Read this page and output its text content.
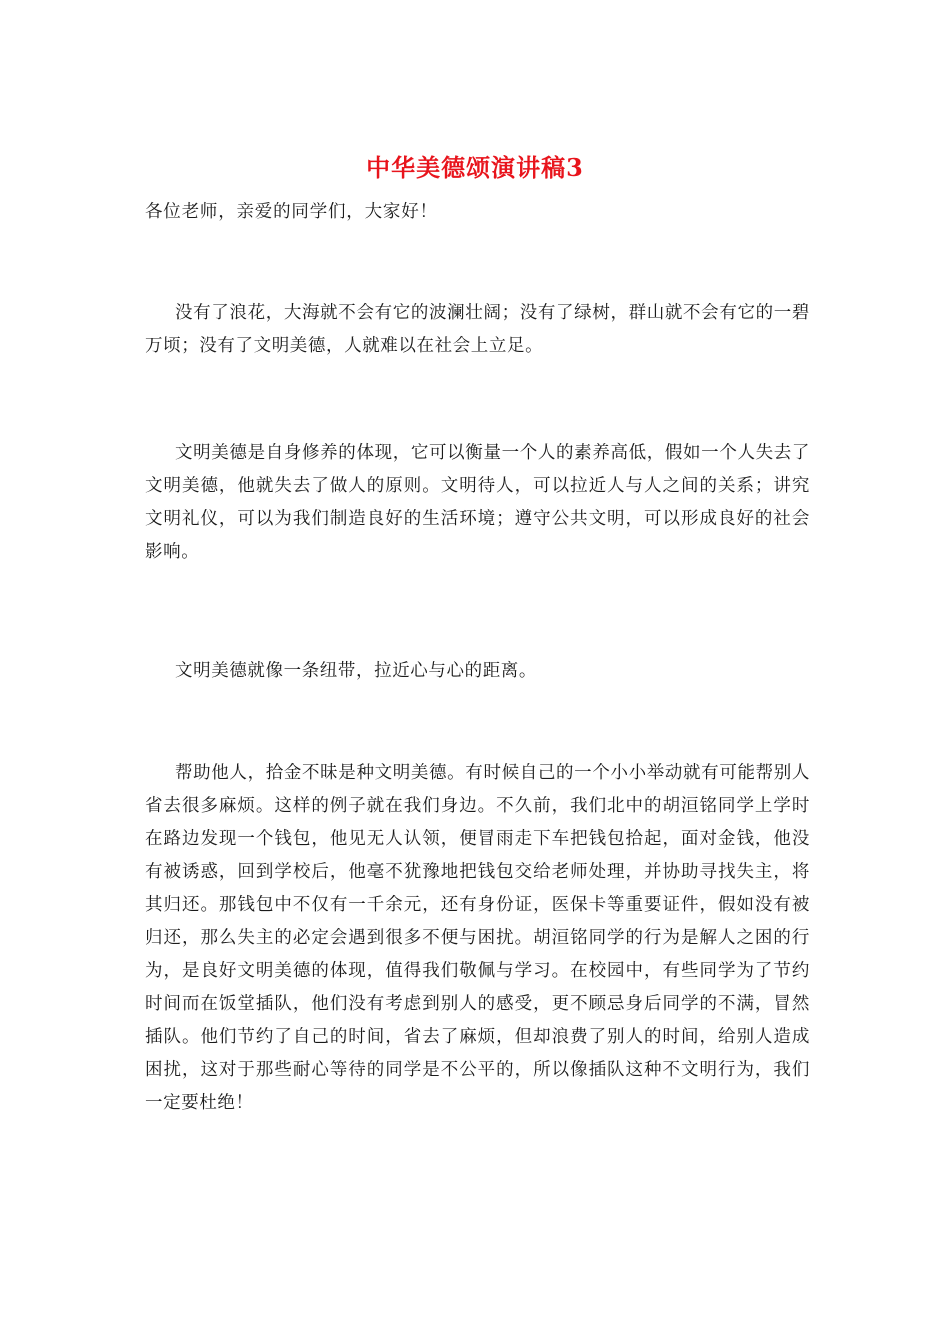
中华美德颂演讲稿3
各位老师，亲爱的同学们，大家好！

没有了浪花，大海就不会有它的波澜壮阔；没有了绿树，群山就不会有它的一碧万顷；没有了文明美德，人就难以在社会上立足。

文明美德是自身修养的体现，它可以衡量一个人的素养高低，假如一个人失去了文明美德，他就失去了做人的原则。文明待人，可以拉近人与人之间的关系；讲究文明礼仪，可以为我们制造良好的生活环境；遵守公共文明，可以形成良好的社会影响。

文明美德就像一条纽带，拉近心与心的距离。

帮助他人，拾金不昧是种文明美德。有时候自己的一个小小举动就有可能帮别人省去很多麻烦。这样的例子就在我们身边。不久前，我们北中的胡洹铭同学上学时在路边发现一个钱包，他见无人认领，便冒雨走下车把钱包拾起，面对金钱，他没有被诱惑，回到学校后，他毫不犹豫地把钱包交给老师处理，并协助寻找失主，将其归还。那钱包中不仅有一千余元，还有身份证，医保卡等重要证件，假如没有被归还，那么失主的必定会遇到很多不便与困扰。胡洹铭同学的行为是解人之困的行为，是良好文明美德的体现，值得我们敬佩与学习。在校园中，有些同学为了节约时间而在饭堂插队，他们没有考虑到别人的感受，更不顾忌身后同学的不满，冒然插队。他们节约了自己的时间，省去了麻烦，但却浪费了别人的时间，给别人造成困扰，这对于那些耐心等待的同学是不公平的，所以像插队这种不文明行为，我们一定要杜绝！
